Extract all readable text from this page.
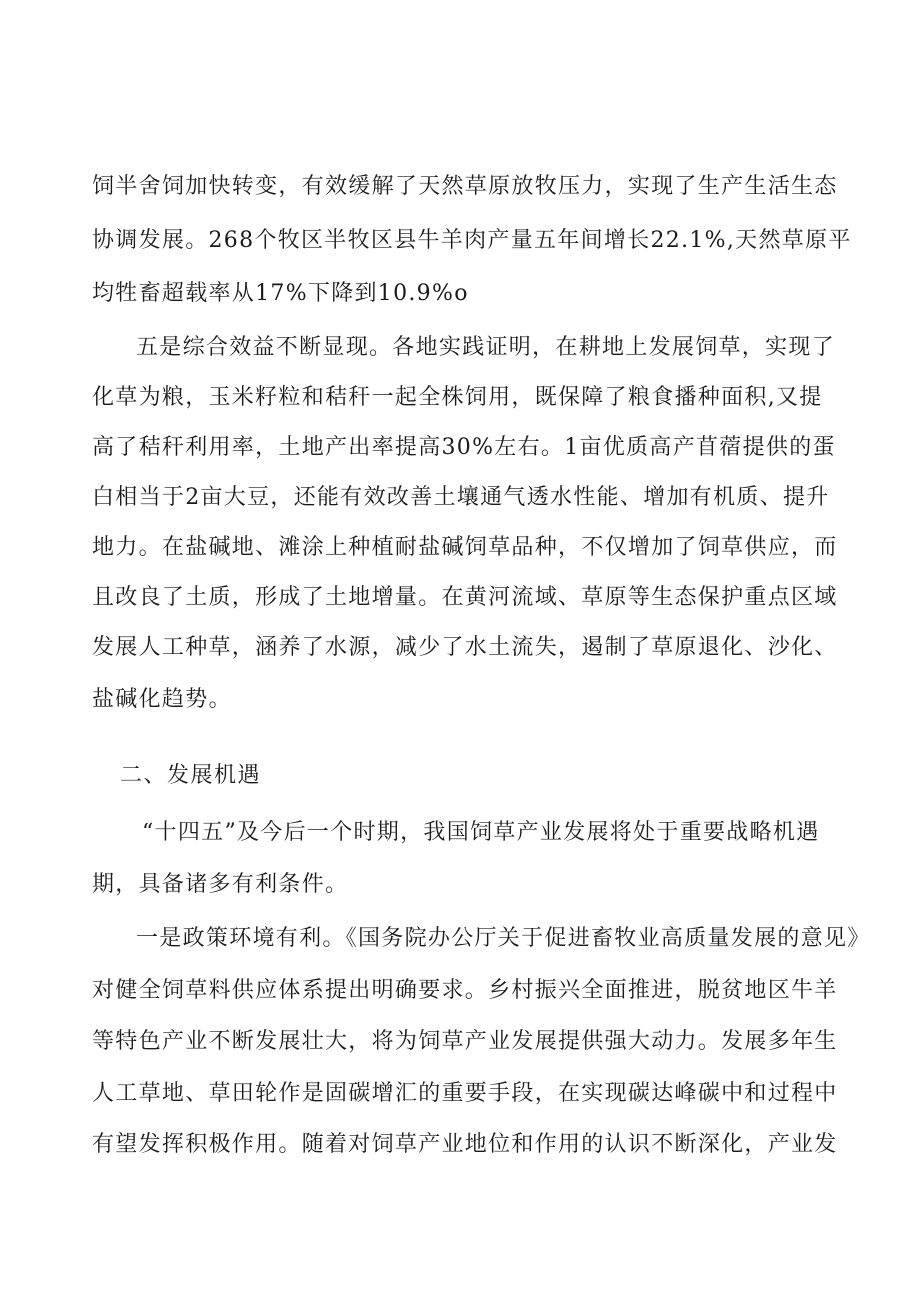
饲半舍饲加快转变，有效缓解了天然草原放牧压力，实现了生产生活生态

协调发展。268个牧区半牧区县牛羊肉产量五年间增长22.1%,天然草原平

均牲畜超载率从17%下降到10.9%o

五是综合效益不断显现。各地实践证明，在耕地上发展饲草，实现了

化草为粮，玉米籽粒和秸秆一起全株饲用，既保障了粮食播种面积,又提

高了秸秆利用率，土地产出率提高30%左右。1亩优质高产苜蓿提供的蛋

白相当于2亩大豆，还能有效改善土壤通气透水性能、增加有机质、提升

地力。在盐碱地、滩涂上种植耐盐碱饲草品种，不仅增加了饲草供应，而

且改良了土质，形成了土地增量。在黄河流域、草原等生态保护重点区域

发展人工种草，涵养了水源，减少了水土流失，遏制了草原退化、沙化、

盐碱化趋势。

二、发展机遇

“十四五”及今后一个时期，我国饲草产业发展将处于重要战略机遇

期，具备诸多有利条件。

一是政策环境有利。《国务院办公厅关于促进畜牧业高质量发展的意见》

对健全饲草料供应体系提出明确要求。乡村振兴全面推进，脱贫地区牛羊

等特色产业不断发展壮大，将为饲草产业发展提供强大动力。发展多年生

人工草地、草田轮作是固碳增汇的重要手段，在实现碳达峰碳中和过程中

有望发挥积极作用。随着对饲草产业地位和作用的认识不断深化，产业发
